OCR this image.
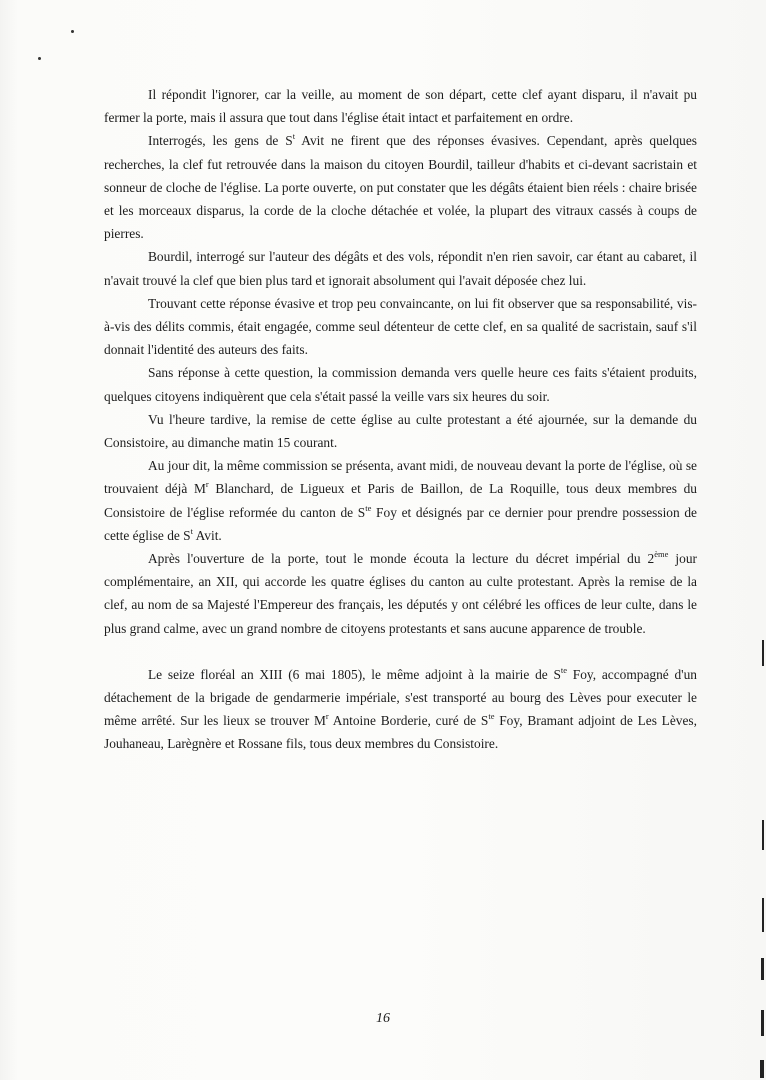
Il répondit l'ignorer, car la veille, au moment de son départ, cette clef ayant disparu, il n'avait pu fermer la porte, mais il assura que tout dans l'église était intact et parfaitement en ordre.

Interrogés, les gens de $S^t$ Avit ne firent que des réponses évasives. Cependant, après quelques recherches, la clef fut retrouvée dans la maison du citoyen Bourdil, tailleur d'habits et ci-devant sacristain et sonneur de cloche de l'église. La porte ouverte, on put constater que les dégâts étaient bien réels : chaire brisée et les morceaux disparus, la corde de la cloche détachée et volée, la plupart des vitraux cassés à coups de pierres.

Bourdil, interrogé sur l'auteur des dégâts et des vols, répondit n'en rien savoir, car étant au cabaret, il n'avait trouvé la clef que bien plus tard et ignorait absolument qui l'avait déposée chez lui.

Trouvant cette réponse évasive et trop peu convaincante, on lui fit observer que sa responsabilité, vis-à-vis des délits commis, était engagée, comme seul détenteur de cette clef, en sa qualité de sacristain, sauf s'il donnait l'identité des auteurs des faits.

Sans réponse à cette question, la commission demanda vers quelle heure ces faits s'étaient produits, quelques citoyens indiquèrent que cela s'était passé la veille vars six heures du soir.

Vu l'heure tardive, la remise de cette église au culte protestant a été ajournée, sur la demande du Consistoire, au dimanche matin 15 courant.

Au jour dit, la même commission se présenta, avant midi, de nouveau devant la porte de l'église, où se trouvaient déjà $M^r$ Blanchard, de Ligueux et Paris de Baillon, de La Roquille, tous deux membres du Consistoire de l'église reformée du canton de $S^{te}$ Foy et désignés par ce dernier pour prendre possession de cette église de $S^t$ Avit.

Après l'ouverture de la porte, tout le monde écouta la lecture du décret impérial du 2ème jour complémentaire, an XII, qui accorde les quatre églises du canton au culte protestant. Après la remise de la clef, au nom de sa Majesté l'Empereur des français, les députés y ont célébré les offices de leur culte, dans le plus grand calme, avec un grand nombre de citoyens protestants et sans aucune apparence de trouble.

Le seize floréal an XIII (6 mai 1805), le même adjoint à la mairie de $S^{te}$ Foy, accompagné d'un détachement de la brigade de gendarmerie impériale, s'est transporté au bourg des Lèves pour executer le même arrêté. Sur les lieux se trouver $M^r$ Antoine Borderie, curé de $S^{te}$ Foy, Bramant adjoint de Les Lèves, Jouhaneau, Larègnère et Rossane fils, tous deux membres du Consistoire.

16
